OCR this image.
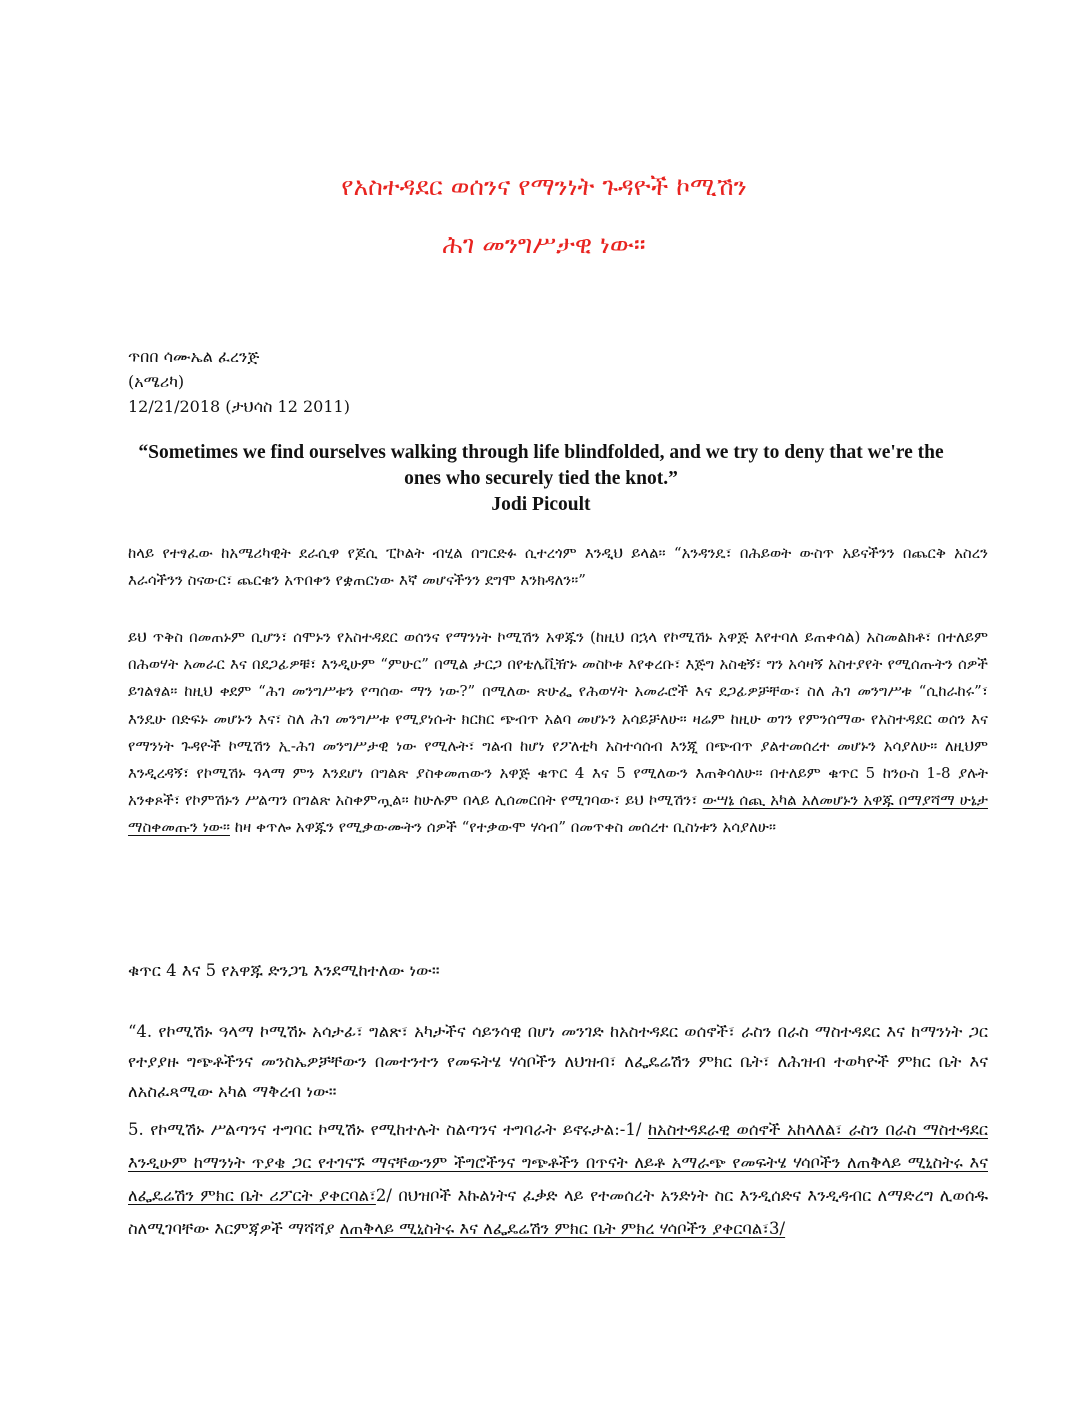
የአስተዳደር ወሰንና የማንነት ጉዳዮች ኮሚሽን
ሕገ መንግሥታዊ ነው።
ጥበበ ሳሙኤል ፈረንጅ
(አሜሪካ)
12/21/2018 (ታህሳስ 12 2011)
“Sometimes we find ourselves walking through life blindfolded, and we try to deny that we're the ones who securely tied the knot.”
Jodi Picoult

ከላይ የተፃፈው ከአሜሪካዊት ደራሲዋ የጆሲ ፒኮልት ብሂል በግርድፉ ሲተረጎም እንዲህ ይላል። “አንዳንዴ፣ በሕይወት ውስጥ አይናችንን በጨርቅ አስረን እራሳችንን ስናውር፣ ጨርቁን አጥበቀን የቋጠርነው እኛ መሆናችንን ደግሞ እንክዳለን።”

ይህ ጥቅስ በመጠኑም ቢሆን፣ ሰሞኑን የአስተዳደር ወሰንና የማንነት ኮሚሽን አዋጁን (ከዚህ በኋላ የኮሚሽኑ አዋጅ እየተባለ ይጠቀሳል) አስመልክቶ፣ በተለይም በሕወሃት አመራር እና በደጋፊዎቹ፣ እንዲሁም “ምሁር” በሚል ታርጋ በየቴሌቪዥኑ መስኮቱ እየቀረቡ፣ እጅግ አስቂኝ፣ ግን አሳዛኝ አስተያየት የሚሰጡትን ሰዎች ይገልፃል። ከዚህ ቀደም “ሕገ መንግሥቱን የጣሰው ማን ነው?” በሚለው ጽሁፌ የሕወሃት አመራሮች እና ደጋፊዎቻቸው፣ ስለ ሕገ መንግሥቱ “ሲከራከሩ”፣ እንዴሁ በድፍኑ መሆኑን እና፣ ስለ ሕገ መንግሥቱ የሚያነሱት ክርክር ጭብጥ አልባ መሆኑን አሳይቻለሁ። ዛሬም ከዚሁ ወገን የምንሰማው የአስተዳደር ወሰን እና የማንነት ጉዳዮች ኮሚሽን ኢ-ሕገ መንግሥታዊ ነው የሚሉት፣ ግልብ ከሆነ የፖለቲካ አስተሳሰብ እንጂ በጭብጥ ያልተመሰረተ መሆኑን አሳያለሁ። ለዚህም እንዲረዳኝ፣ የኮሚሽኑ ዓላማ ምን እንደሆነ በግልጽ ያስቀመጠውን አዋጅ ቁጥር 4 እና 5 የሚለውን እጠቅሳለሁ። በተለይም ቁጥር 5 ከንዑስ 1-8 ያሉት አንቀጾች፣ የኮምሽኑን ሥልጣን በግልጽ አስቀምጧል። ከሁሉም በላይ ሊሰመርበት የሚገባው፣ ይህ ኮሚሽን፣ ውሣኔ ሰጪ አካል አለመሆኑን አዋጁ በማያሻማ ሁኔታ ማስቀመጡን ነው። ከዛ ቀጥሎ አዋጁን የሚቃውሙትን ሰዎች “የተቃውሞ ሃሳብ” በመጥቀስ መሰረተ ቢስነቱን አሳያለሁ።

ቁጥር 4 እና 5 የአዋጁ ድንጋጌ እንደሚከተለው ነው።

“4. የኮሚሽኑ ዓላማ ኮሚሽኑ አሳታፊ፣ ግልጽ፣ አካታችና ሳይንሳዊ በሆነ መንገድ ከአስተዳደር ወሰኖች፣ ራስን በራስ ማስተዳደር እና ከማንነት ጋር የተያያዙ ግጭቶችንና መንስኤዎቻቸውን በመተንተን የመፍትሄ ሃሳቦችን ለህዝብ፣ ለፌዴሬሽን ምክር ቤት፣ ለሕዝብ ተወካዮች ምክር ቤት እና ለአስፈጻሚው አካል ማቅረብ ነው።

5. የኮሚሽኑ ሥልጣንና ተግባር ኮሚሽኑ የሚከተሉት ስልጣንና ተግባራት ይኖሩታል:-1/ ከአስተዳደራዊ ወሰኖች አከላለል፣ ራስን በራስ ማስተዳደር እንዲሁም ከማንነት ጥያቄ ጋር የተገናኙ ማናቸውንም ችግሮችንና ግጭቶችን በጥናት ለይቶ አማራጭ የመፍትሄ ሃሳቦችን ለጠቅላይ ሚኒስትሩ እና ለፌዴሬሽን ምክር ቤት ሪፖርት ያቀርባል፣2/ በህዝቦች እኩልነትና ፈቃድ ላይ የተመሰረት አንድነት ስር እንዲሰድና እንዲዳብር ለማድረግ ሊወሰዱ ስለሚገባቸው እርምጃዎች ማሻሻያ ለጠቅላይ ሚኒስትሩ እና ለፌዴሬሽን ምክር ቤት ምክረ ሃሳቦችን ያቀርባል፣3/
